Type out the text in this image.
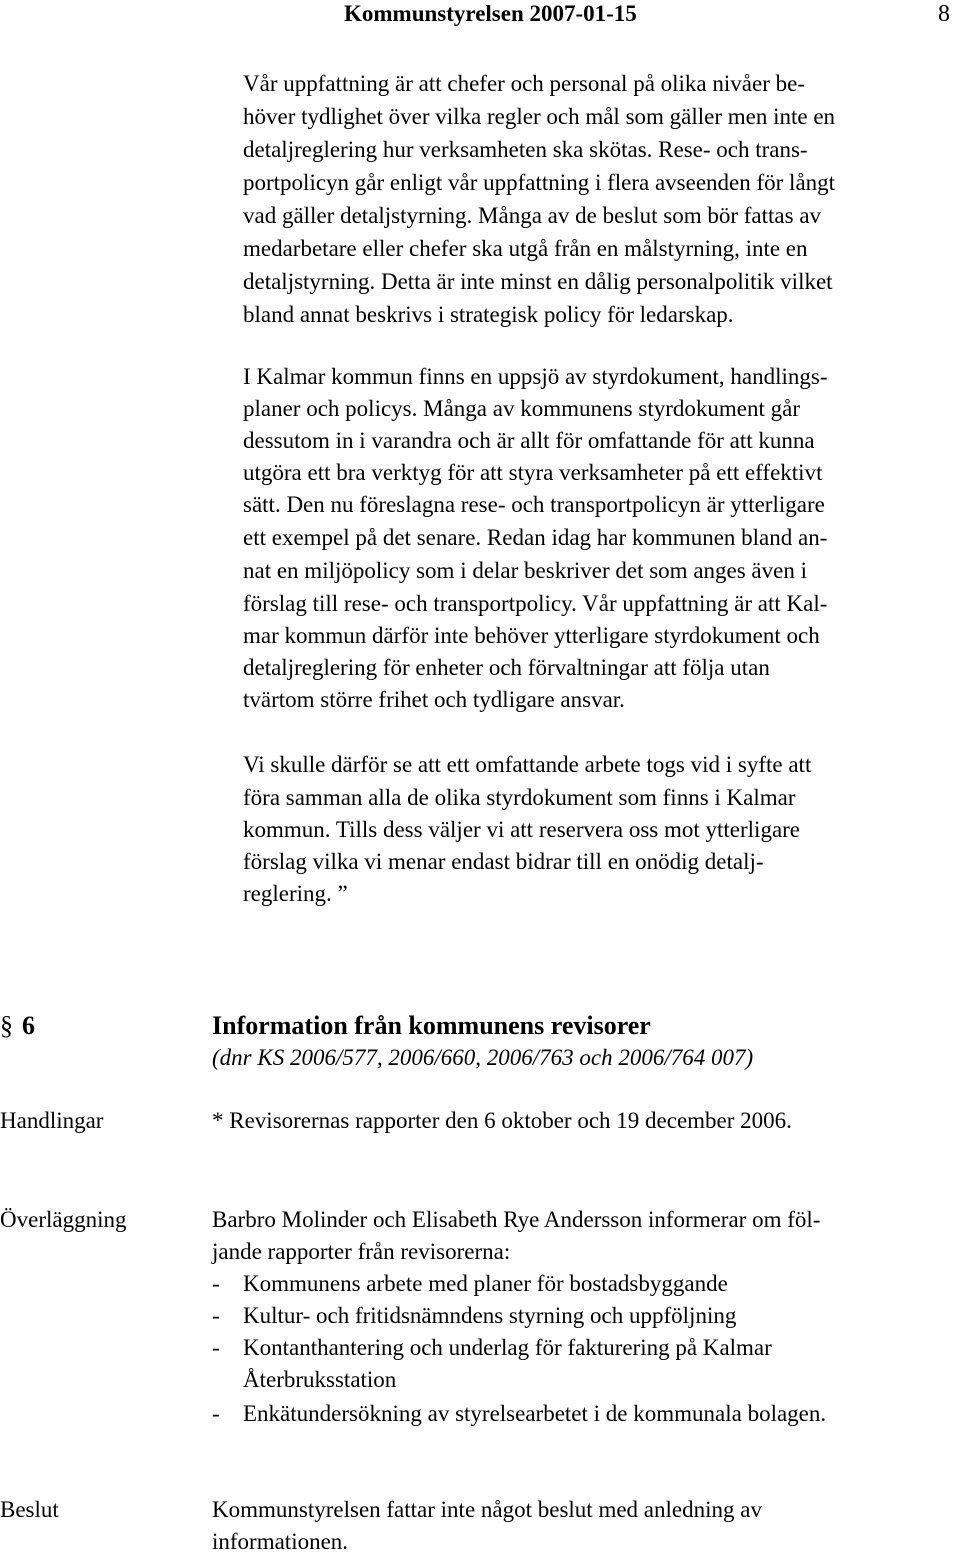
Kommunstyrelsen 2007-01-15	8
Vår uppfattning är att chefer och personal på olika nivåer be-
höver tydlighet över vilka regler och mål som gäller men inte en
detaljreglering hur verksamheten ska skötas. Rese- och trans-
portpolicyn går enligt vår uppfattning i flera avseenden för långt
vad gäller detaljstyrning. Många av de beslut som bör fattas av
medarbetare eller chefer ska utgå från en målstyrning, inte en
detaljstyrning. Detta är inte minst en dålig personalpolitik vilket
bland annat beskrivs i strategisk policy för ledarskap.
I Kalmar kommun finns en uppsjö av styrdokument, handlings-
planer och policys. Många av kommunens styrdokument går
dessutom in i varandra och är allt för omfattande för att kunna
utgöra ett bra verktyg för att styra verksamheter på ett effektivt
sätt. Den nu föreslagna rese- och transportpolicyn är ytterligare
ett exempel på det senare. Redan idag har kommunen bland an-
nat en miljöpolicy som i delar beskriver det som anges även i
förslag till rese- och transportpolicy. Vår uppfattning är att Kal-
mar kommun därför inte behöver ytterligare styrdokument och
detaljreglering för enheter och förvaltningar att följa utan
tvärtom större frihet och tydligare ansvar.
Vi skulle därför se att ett omfattande arbete togs vid i syfte att
föra samman alla de olika styrdokument som finns i Kalmar
kommun. Tills dess väljer vi att reservera oss mot ytterligare
förslag vilka vi menar endast bidrar till en onödig detalj-
reglering. ”
§ 6	Information från kommunens revisorer
(dnr KS 2006/577, 2006/660, 2006/763 och 2006/764 007)
Handlingar	* Revisorernas rapporter den 6 oktober och 19 december 2006.
Överläggning	Barbro Molinder och Elisabeth Rye Andersson informerar om föl-
jande rapporter från revisorerna:
- Kommunens arbete med planer för bostadsbyggande
- Kultur- och fritidsnämndens styrning och uppföljning
- Kontanthantering och underlag för fakturering på Kalmar
Återbruksstation
- Enkätundersökning av styrelsearbetet i de kommunala bolagen.
Beslut	Kommunstyrelsen fattar inte något beslut med anledning av
informationen.
